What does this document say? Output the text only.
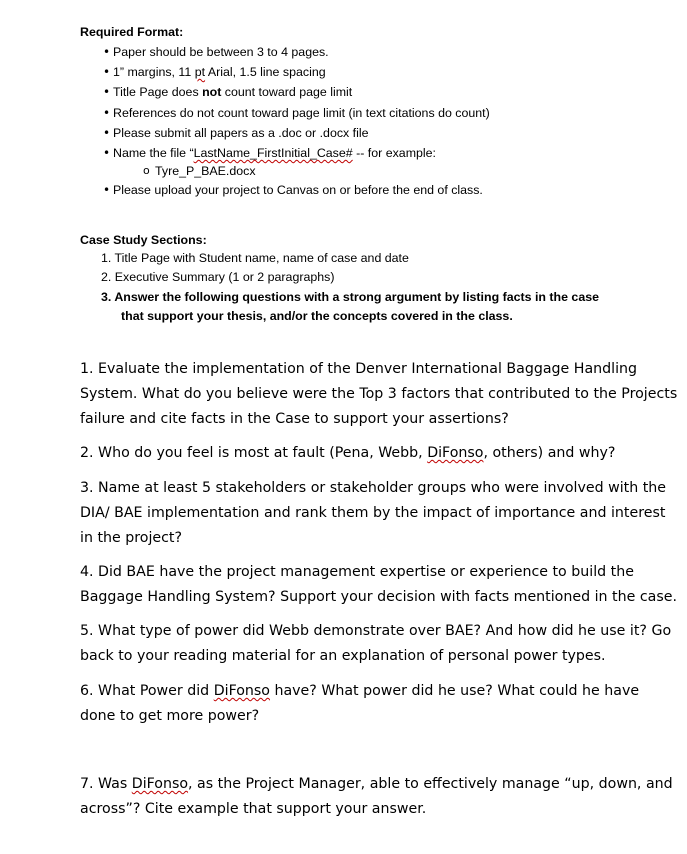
Required Format:
• Paper should be between 3 to 4 pages.
• 1” margins, 11 pt Arial, 1.5 line spacing
• Title Page does not count toward page limit
• References do not count toward page limit (in text citations do count)
• Please submit all papers as a .doc or .docx file
• Name the file “LastName_FirstInitial_Case# -- for example:
o Tyre_P_BAE.docx
• Please upload your project to Canvas on or before the end of class.
Case Study Sections:
1. Title Page with Student name, name of case and date
2. Executive Summary (1 or 2 paragraphs)
3. Answer the following questions with a strong argument by listing facts in the case
that support your thesis, and/or the concepts covered in the class.
1. Evaluate the implementation of the Denver International Baggage Handling
System. What do you believe were the Top 3 factors that contributed to the Projects
failure and cite facts in the Case to support your assertions?
2. Who do you feel is most at fault (Pena, Webb, DiFonso, others) and why?
3. Name at least 5 stakeholders or stakeholder groups who were involved with the
DIA/ BAE implementation and rank them by the impact of importance and interest
in the project?
4. Did BAE have the project management expertise or experience to build the
Baggage Handling System? Support your decision with facts mentioned in the case.
5. What type of power did Webb demonstrate over BAE? And how did he use it? Go
back to your reading material for an explanation of personal power types.
6. What Power did DiFonso have? What power did he use? What could he have
done to get more power?
7. Was DiFonso, as the Project Manager, able to effectively manage “up, down, and
across”? Cite example that support your answer.
